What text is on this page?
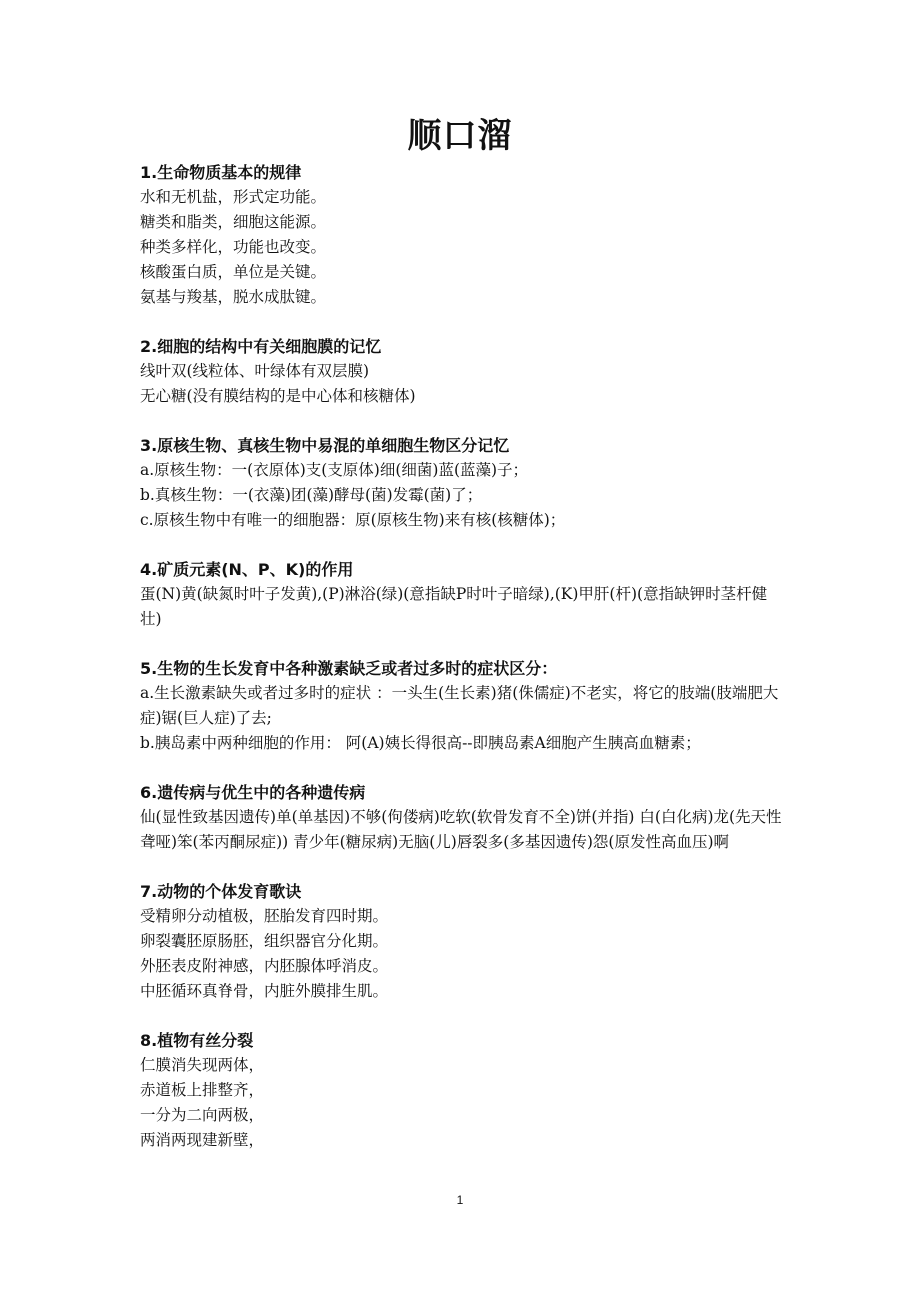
顺口溜
1.生命物质基本的规律
水和无机盐，形式定功能。
糖类和脂类，细胞这能源。
种类多样化，功能也改变。
核酸蛋白质，单位是关键。
氨基与羧基，脱水成肽键。
2.细胞的结构中有关细胞膜的记忆
线叶双(线粒体、叶绿体有双层膜)
无心糖(没有膜结构的是中心体和核糖体)
3.原核生物、真核生物中易混的单细胞生物区分记忆
a.原核生物：一(衣原体)支(支原体)细(细菌)蓝(蓝藻)子；
b.真核生物：一(衣藻)团(藻)酵母(菌)发霉(菌)了；
c.原核生物中有唯一的细胞器：原(原核生物)来有核(核糖体)；
4.矿质元素(N、P、K)的作用
蛋(N)黄(缺氮时叶子发黄),(P)淋浴(绿)(意指缺P时叶子暗绿),(K)甲肝(杆)(意指缺钾时茎杆健壮)
5.生物的生长发育中各种激素缺乏或者过多时的症状区分：
a.生长激素缺失或者过多时的症状 ：一头生(生长素)猪(侏儒症)不老实，将它的肢端(肢端肥大症)锯(巨人症)了去;
b.胰岛素中两种细胞的作用： 阿(A)姨长得很高--即胰岛素A细胞产生胰高血糖素；
6.遗传病与优生中的各种遗传病
仙(显性致基因遗传)单(单基因)不够(佝偻病)吃软(软骨发育不全)饼(并指) 白(白化病)龙(先天性聋哑)笨(苯丙酮尿症)) 青少年(糖尿病)无脑(儿)唇裂多(多基因遗传)怨(原发性高血压)啊
7.动物的个体发育歌诀
受精卵分动植极，胚胎发育四时期。
卵裂囊胚原肠胚，组织器官分化期。
外胚表皮附神感，内胚腺体呼消皮。
中胚循环真脊骨，内脏外膜排生肌。
8.植物有丝分裂
仁膜消失现两体，
赤道板上排整齐，
一分为二向两极，
两消两现建新壁，
1
